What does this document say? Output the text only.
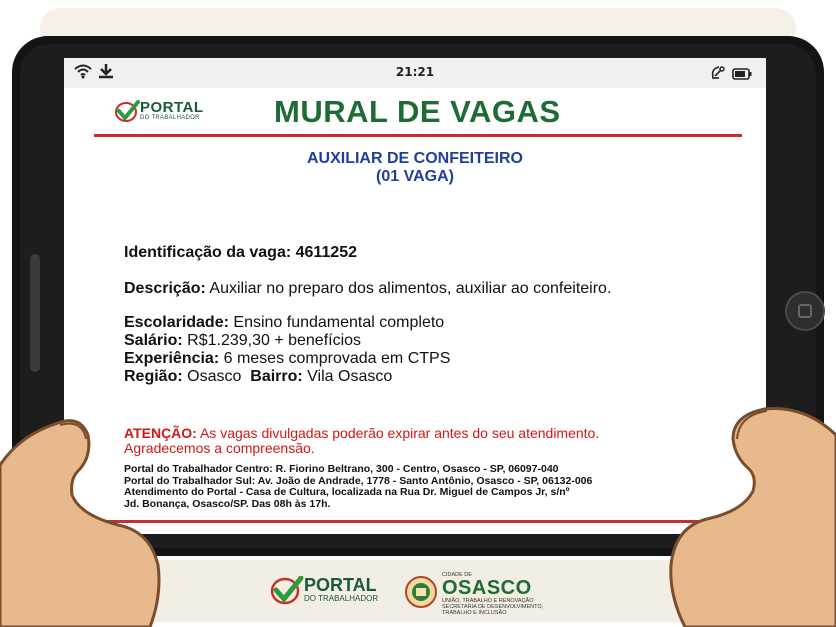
21:21
PORTAL
DO TRABALHADOR MURAL DE VAGAS
AUXILIAR DE CONFEITEIRO
(01 VAGA)
Identificação da vaga: 4611252
Descrição: Auxiliar no preparo dos alimentos, auxiliar ao confeiteiro.
Escolaridade: Ensino fundamental completo
Salário: R$1.239,30 + benefícios
Experiência: 6 meses comprovada em CTPS
Região: Osasco Bairro: Vila Osasco
ATENÇÃO: As vagas divulgadas poderão expirar antes do seu atendimento.
Agradecemos a compreensão.
Portal do Trabalhador Centro: R. Fiorino Beltrano, 300 - Centro, Osasco - SP, 06097-040
Portal do Trabalhador Sul: Av. João de Andrade, 1778 - Santo Antônio, Osasco - SP, 06132-006
Atendimento do Portal - Casa de Cultura, localizada na Rua Dr. Miguel de Campos Jr, s/nº
Jd. Bonança, Osasco/SP. Das 08h às 17h.
PORTAL
DO TRABALHADOR
CIDADE DE
OSASCO
UNIÃO, TRABALHO E RENOVAÇÃO
SECRETARIA DE DESENVOLVIMENTO,
TRABALHO E INCLUSÃO
